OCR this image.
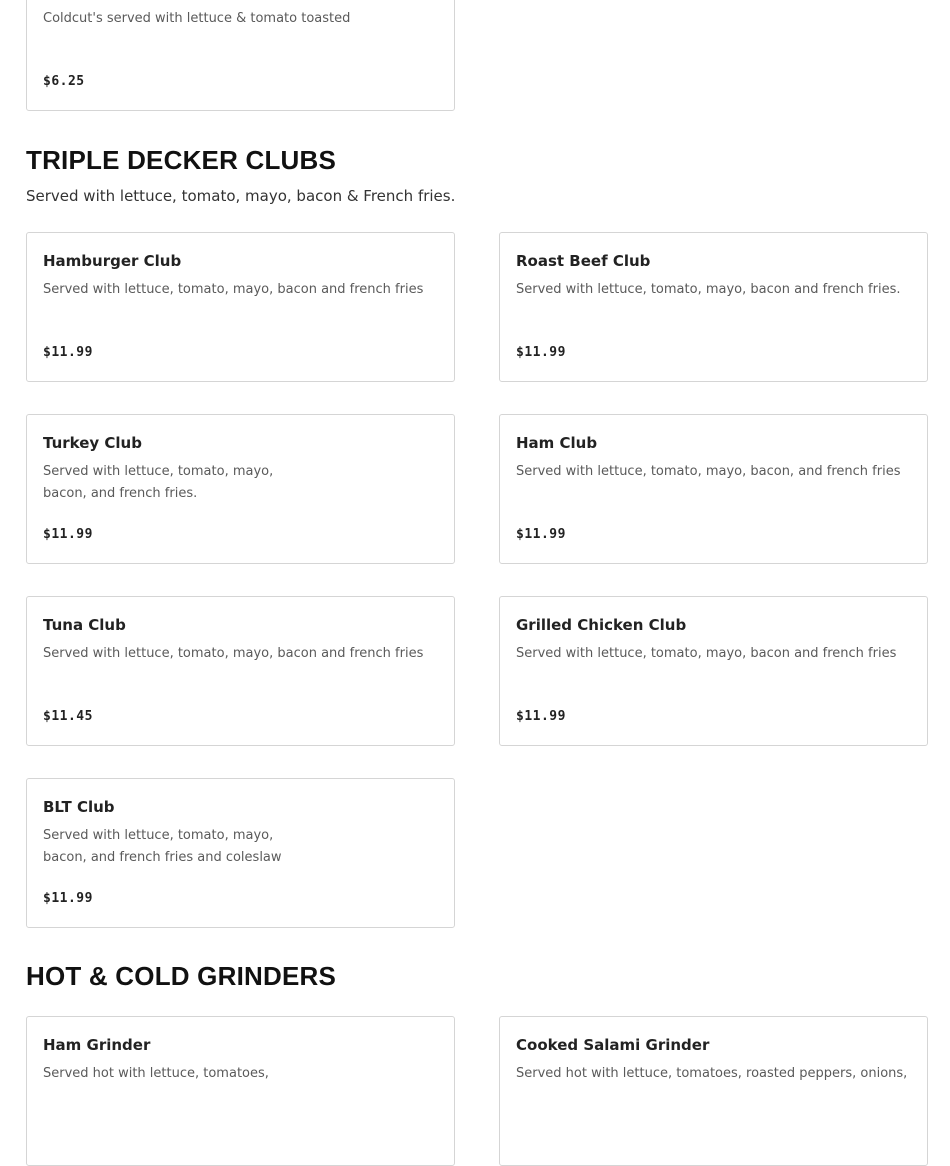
Coldcut's served with lettuce & tomato toasted
$6.25
TRIPLE DECKER CLUBS

Served with lettuce, tomato, mayo, bacon & French fries.

Hamburger Club
Served with lettuce, tomato, mayo, bacon and french fries
$11.99
Roast Beef Club
Served with lettuce, tomato, mayo, bacon and french fries.
$11.99
Turkey Club
Served with lettuce, tomato, mayo,
bacon, and french fries.
$11.99
Ham Club
Served with lettuce, tomato, mayo, bacon, and french fries
$11.99
Tuna Club
Served with lettuce, tomato, mayo, bacon and french fries
$11.45
Grilled Chicken Club
Served with lettuce, tomato, mayo, bacon and french fries
$11.99
BLT Club
Served with lettuce, tomato, mayo,
bacon, and french fries and coleslaw
$11.99
HOT & COLD GRINDERS
Ham Grinder
Served hot with lettuce, tomatoes,
Cooked Salami Grinder
Served hot with lettuce, tomatoes, roasted peppers, onions,
